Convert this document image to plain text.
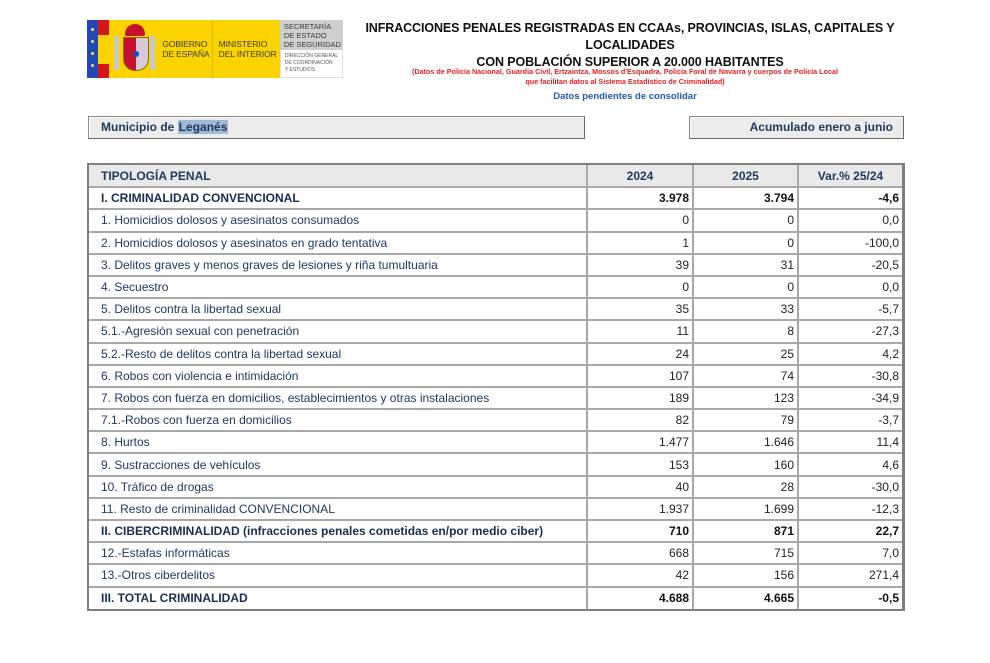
GOBIERNO
DE ESPAÑA
MINISTERIO
DEL INTERIOR
SECRETARÍA
DE ESTADO
DE SEGURIDAD
DIRECCIÓN GENERAL
DE COORDINACIÓN
Y ESTUDIOS
INFRACCIONES PENALES REGISTRADAS EN CCAAs, PROVINCIAS, ISLAS, CAPITALES Y LOCALIDADES
CON POBLACIÓN SUPERIOR A 20.000 HABITANTES
(Datos de Policía Nacional, Guardia Civil, Ertzaintza, Mossos d'Esquadra, Policía Foral de Navarra y cuerpos de Policía Local
que facilitan datos al Sistema Estadístico de Criminalidad)
Datos pendientes de consolidar
Municipio de Leganés	Acumulado enero a junio
TIPOLOGÍA PENAL	2024	2025	Var.% 25/24
I. CRIMINALIDAD CONVENCIONAL	3.978	3.794	-4,6
1. Homicidios dolosos y asesinatos consumados	0	0	0,0
2. Homicidios dolosos y asesinatos en grado tentativa	1	0	-100,0
3. Delitos graves y menos graves de lesiones y riña tumultuaria	39	31	-20,5
4. Secuestro	0	0	0,0
5. Delitos contra la libertad sexual	35	33	-5,7
5.1.-Agresión sexual con penetración	11	8	-27,3
5.2.-Resto de delitos contra la libertad sexual	24	25	4,2
6. Robos con violencia e intimidación	107	74	-30,8
7. Robos con fuerza en domicilios, establecimientos y otras instalaciones	189	123	-34,9
7.1.-Robos con fuerza en domicilios	82	79	-3,7
8. Hurtos	1.477	1.646	11,4
9. Sustracciones de vehículos	153	160	4,6
10. Tráfico de drogas	40	28	-30,0
11. Resto de criminalidad CONVENCIONAL	1.937	1.699	-12,3
II. CIBERCRIMINALIDAD (infracciones penales cometidas en/por medio ciber)	710	871	22,7
12.-Estafas informáticas	668	715	7,0
13.-Otros ciberdelitos	42	156	271,4
III. TOTAL CRIMINALIDAD	4.688	4.665	-0,5
